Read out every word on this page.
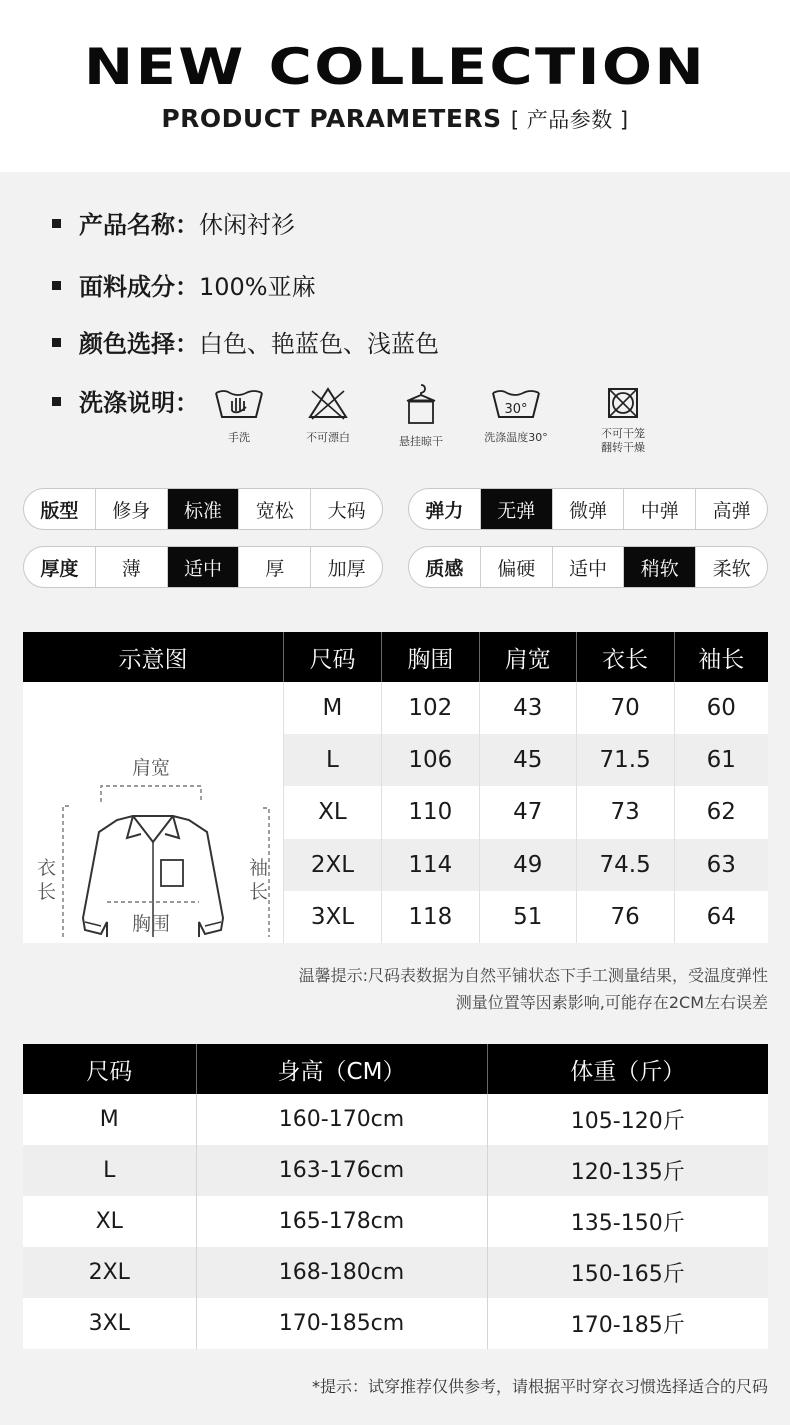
NEW COLLECTION
PRODUCT PARAMETERS [ 产品参数 ]
产品名称：休闲衬衫
面料成分：100%亚麻
颜色选择：白色、艳蓝色、浅蓝色
洗涤说明：
手洗	不可漂白	悬挂晾干
30°
洗涤温度30°	不可干笼
翻转干燥
版型	修身	标准	宽松	大码	弹力	无弹	微弹	中弹	高弹
厚度	薄	适中	厚	加厚	质感	偏硬	适中	稍软	柔软
示意图	尺码	胸围	肩宽	衣长	袖长

肩宽
衣长
袖长
胸围	M	102	43	70	60
	L	106	45	71.5	61
	XL	110	47	73	62
	2XL	114	49	74.5	63
	3XL	118	51	76	64
温馨提示:尺码表数据为自然平铺状态下手工测量结果，受温度弹性
测量位置等因素影响,可能存在2CM左右误差
尺码	身高（CM）	体重（斤）
M	160-170cm	105-120斤
L	163-176cm	120-135斤
XL	165-178cm	135-150斤
2XL	168-180cm	150-165斤
3XL	170-185cm	170-185斤
*提示：试穿推荐仅供参考，请根据平时穿衣习惯选择适合的尺码
